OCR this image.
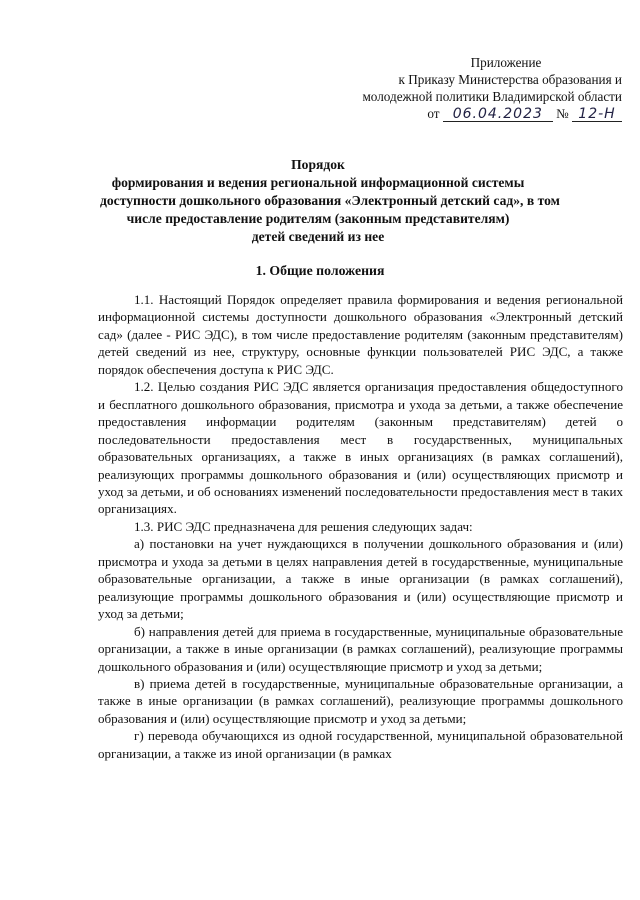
Приложение
к Приказу Министерства образования и
молодежной политики Владимирской области
от 06.04.2023 № 12-Н
Порядок
формирования и ведения региональной информационной системы
доступности дошкольного образования «Электронный детский сад», в том
числе предоставление родителям (законным представителям)
детей сведений из нее
1. Общие положения

1.1. Настоящий Порядок определяет правила формирования и ведения региональной информационной системы доступности дошкольного образования «Электронный детский сад» (далее - РИС ЭДС), в том числе предоставление родителям (законным представителям) детей сведений из нее, структуру, основные функции пользователей РИС ЭДС, а также порядок обеспечения доступа к РИС ЭДС.

1.2. Целью создания РИС ЭДС является организация предоставления общедоступного и бесплатного дошкольного образования, присмотра и ухода за детьми, а также обеспечение предоставления информации родителям (законным представителям) детей о последовательности предоставления мест в государственных, муниципальных образовательных организациях, а также в иных организациях (в рамках соглашений), реализующих программы дошкольного образования и (или) осуществляющих присмотр и уход за детьми, и об основаниях изменений последовательности предоставления мест в таких организациях.

1.3. РИС ЭДС предназначена для решения следующих задач:

а) постановки на учет нуждающихся в получении дошкольного образования и (или) присмотра и ухода за детьми в целях направления детей в государственные, муниципальные образовательные организации, а также в иные организации (в рамках соглашений), реализующие программы дошкольного образования и (или) осуществляющие присмотр и уход за детьми;

б) направления детей для приема в государственные, муниципальные образовательные организации, а также в иные организации (в рамках соглашений), реализующие программы дошкольного образования и (или) осуществляющие присмотр и уход за детьми;

в) приема детей в государственные, муниципальные образовательные организации, а также в иные организации (в рамках соглашений), реализующие программы дошкольного образования и (или) осуществляющие присмотр и уход за детьми;

г) перевода обучающихся из одной государственной, муниципальной образовательной организации, а также из иной организации (в рамках
